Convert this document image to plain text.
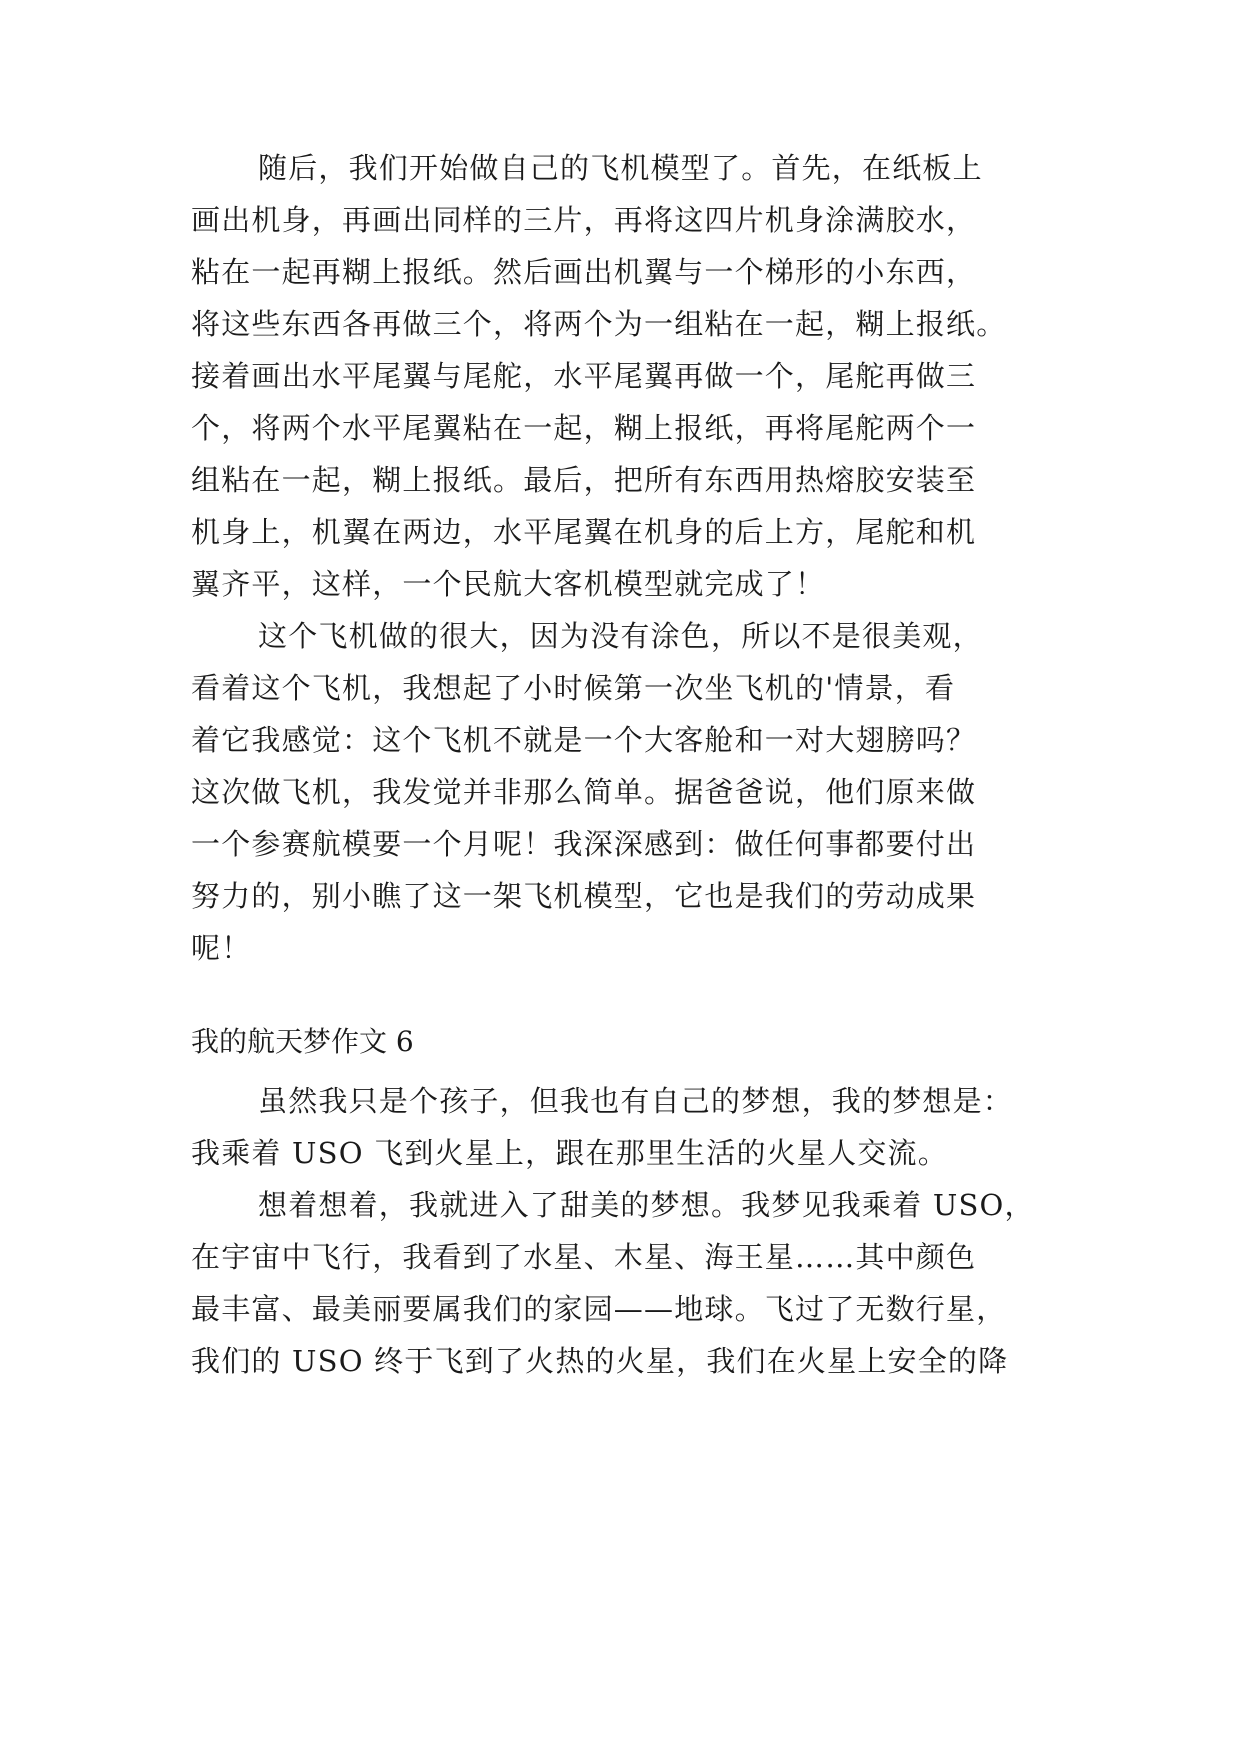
随后，我们开始做自己的飞机模型了。首先，在纸板上
画出机身，再画出同样的三片，再将这四片机身涂满胶水，
粘在一起再糊上报纸。然后画出机翼与一个梯形的小东西，
将这些东西各再做三个，将两个为一组粘在一起，糊上报纸。
接着画出水平尾翼与尾舵，水平尾翼再做一个，尾舵再做三
个，将两个水平尾翼粘在一起，糊上报纸，再将尾舵两个一
组粘在一起，糊上报纸。最后，把所有东西用热熔胶安装至
机身上，机翼在两边，水平尾翼在机身的后上方，尾舵和机
翼齐平，这样，一个民航大客机模型就完成了！
这个飞机做的很大，因为没有涂色，所以不是很美观，
看着这个飞机，我想起了小时候第一次坐飞机的'情景，看
着它我感觉：这个飞机不就是一个大客舱和一对大翅膀吗？
这次做飞机，我发觉并非那么简单。据爸爸说，他们原来做
一个参赛航模要一个月呢！我深深感到：做任何事都要付出
努力的，别小瞧了这一架飞机模型，它也是我们的劳动成果
呢！
我的航天梦作文 6
虽然我只是个孩子，但我也有自己的梦想，我的梦想是：
我乘着 USO 飞到火星上，跟在那里生活的火星人交流。
想着想着，我就进入了甜美的梦想。我梦见我乘着 USO，
在宇宙中飞行，我看到了水星、木星、海王星……其中颜色
最丰富、最美丽要属我们的家园——地球。飞过了无数行星，
我们的 USO 终于飞到了火热的火星，我们在火星上安全的降
